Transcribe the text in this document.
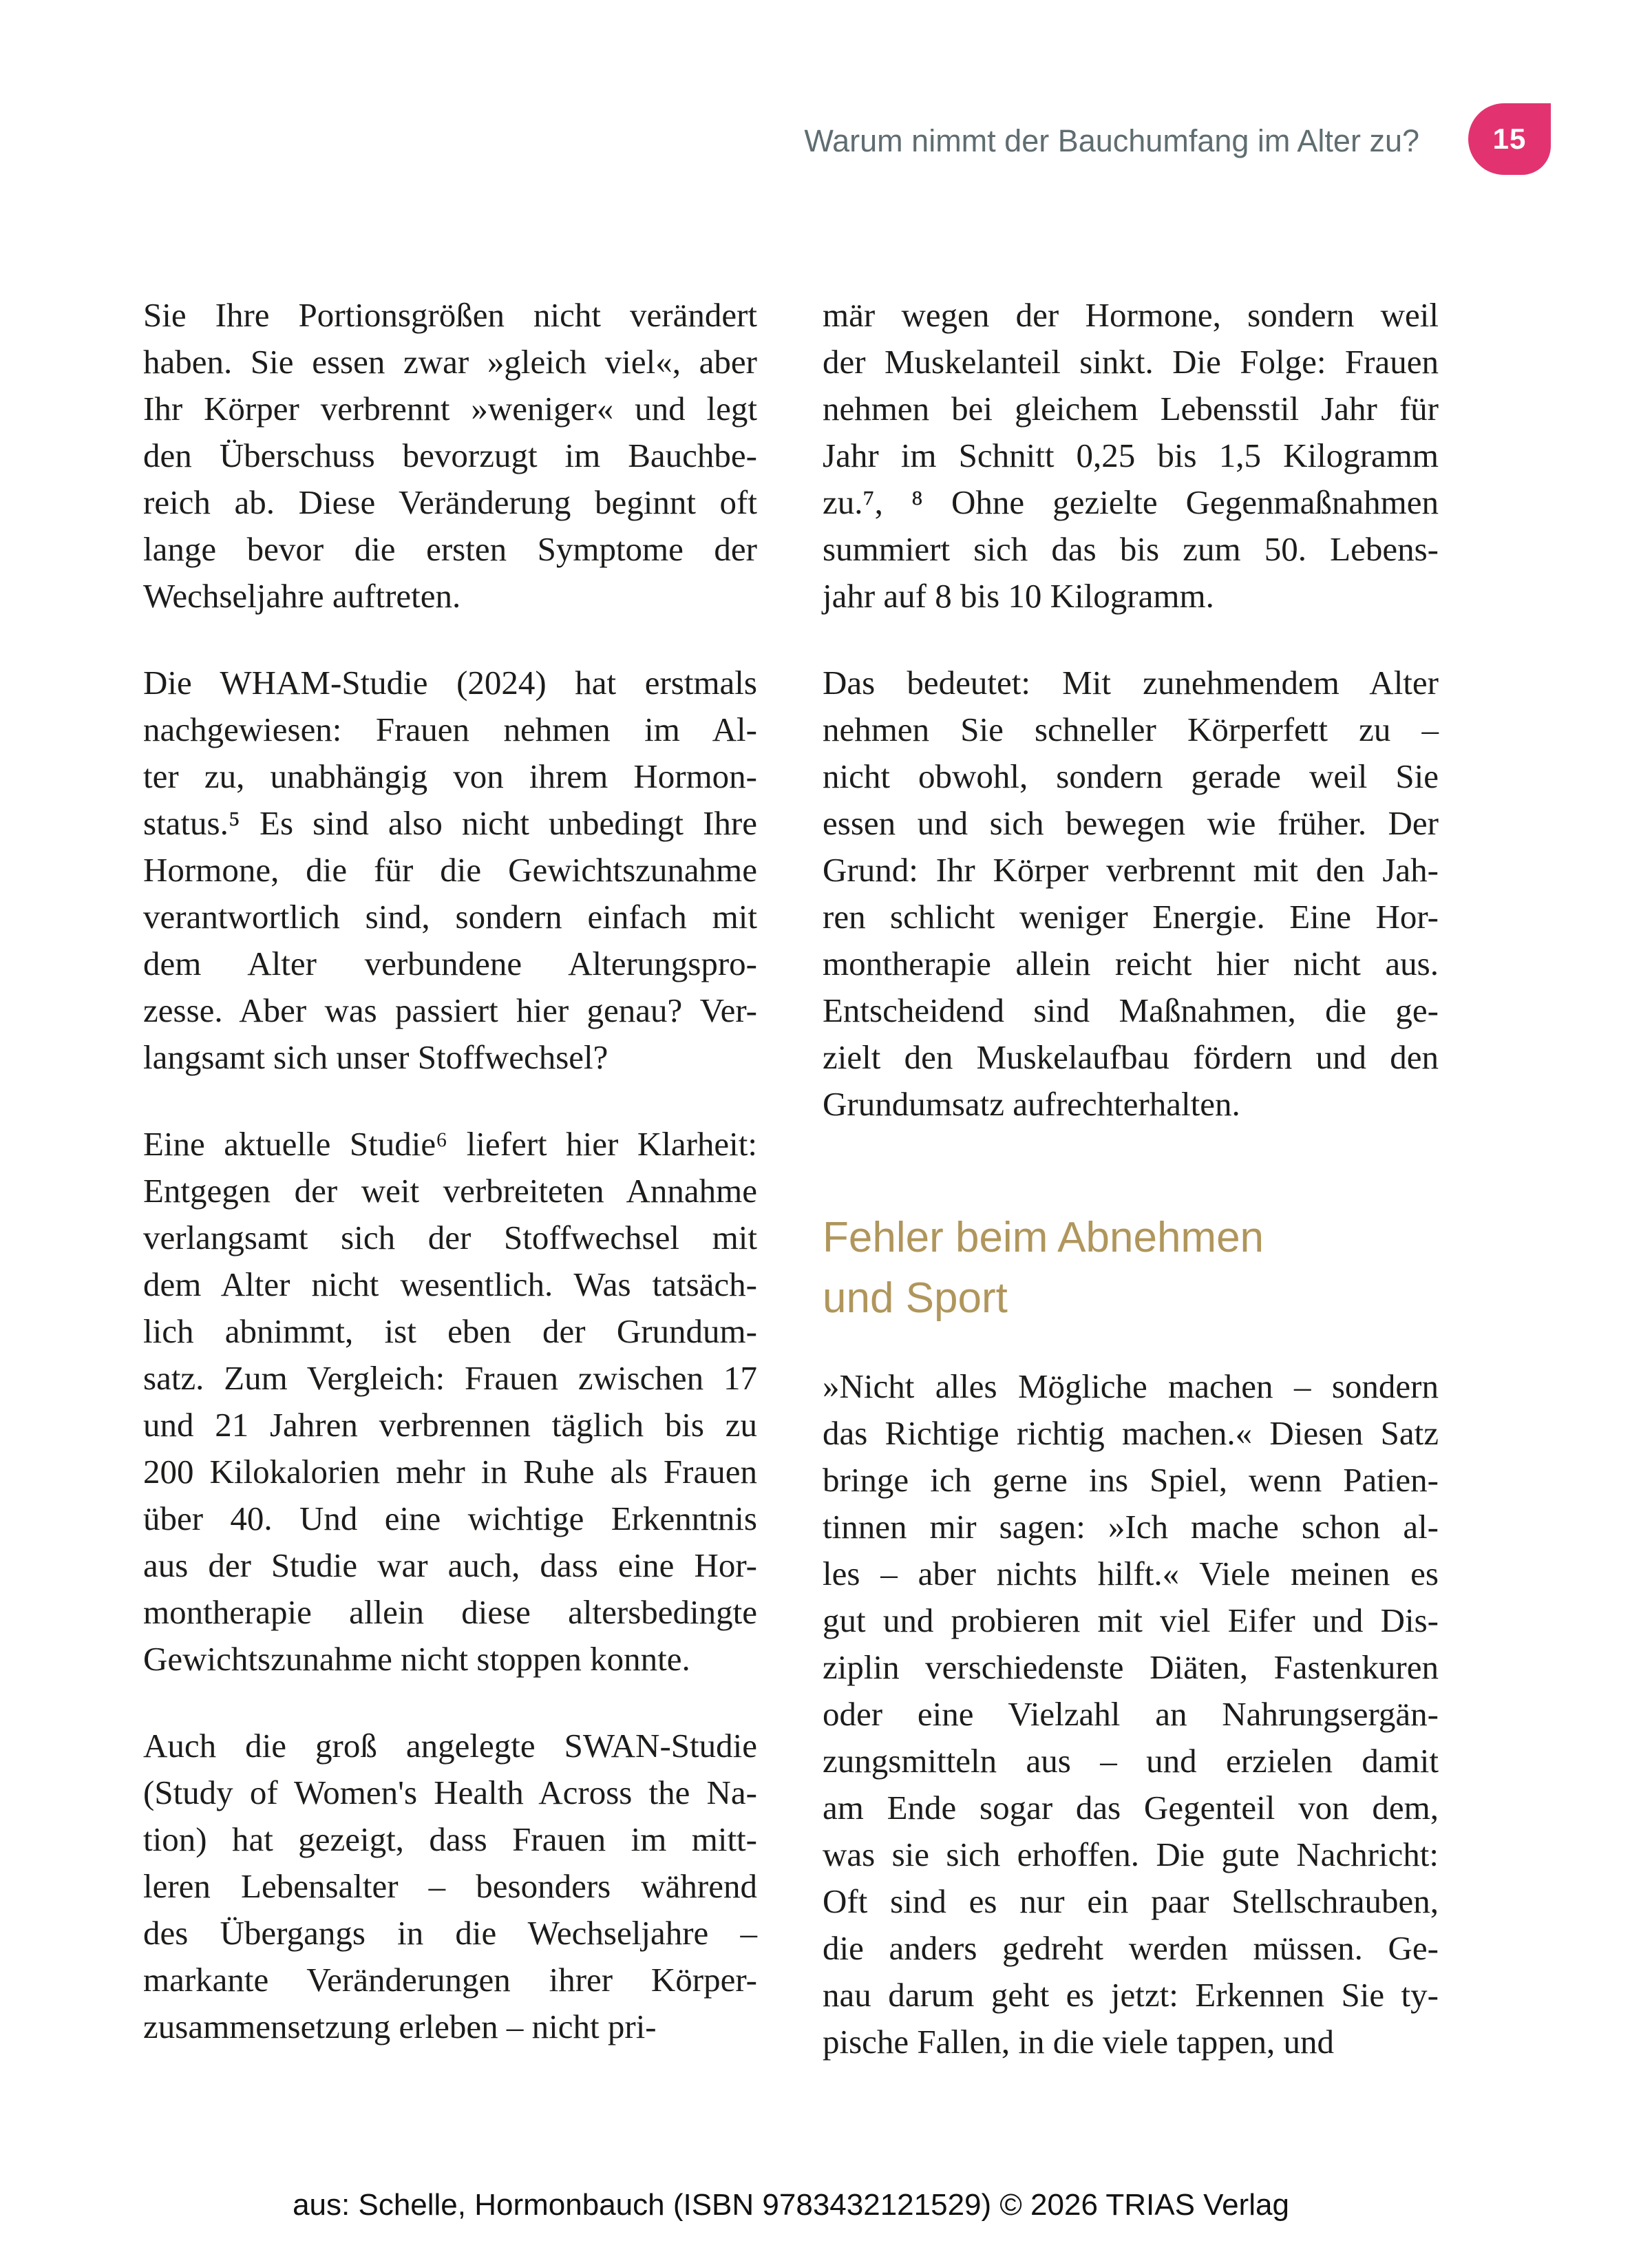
Warum nimmt der Bauchumfang im Alter zu?	15
Sie Ihre Portionsgrößen nicht verändert
haben. Sie essen zwar »gleich viel«, aber
Ihr Körper verbrennt »weniger« und legt
den Überschuss bevorzugt im Bauchbe-
reich ab. Diese Veränderung beginnt oft
lange bevor die ersten Symptome der
Wechseljahre auftreten.
Die WHAM-Studie (2024) hat erstmals
nachgewiesen: Frauen nehmen im Al-
ter zu, unabhängig von ihrem Hormon-
status.⁵ Es sind also nicht unbedingt Ihre
Hormone, die für die Gewichtszunahme
verantwortlich sind, sondern einfach mit
dem Alter verbundene Alterungspro-
zesse. Aber was passiert hier genau? Ver-
langsamt sich unser Stoffwechsel?
Eine aktuelle Studie⁶ liefert hier Klarheit:
Entgegen der weit verbreiteten Annahme
verlangsamt sich der Stoffwechsel mit
dem Alter nicht wesentlich. Was tatsäch-
lich abnimmt, ist eben der Grundum-
satz. Zum Vergleich: Frauen zwischen 17
und 21 Jahren verbrennen täglich bis zu
200 Kilokalorien mehr in Ruhe als Frauen
über 40. Und eine wichtige Erkenntnis
aus der Studie war auch, dass eine Hor-
montherapie allein diese altersbedingte
Gewichtszunahme nicht stoppen konnte.
Auch die groß angelegte SWAN-Studie
(Study of Women's Health Across the Na-
tion) hat gezeigt, dass Frauen im mitt-
leren Lebensalter – besonders während
des Übergangs in die Wechseljahre –
markante Veränderungen ihrer Körper-
zusammensetzung erleben – nicht pri-
mär wegen der Hormone, sondern weil
der Muskelanteil sinkt. Die Folge: Frauen
nehmen bei gleichem Lebensstil Jahr für
Jahr im Schnitt 0,25 bis 1,5 Kilogramm
zu.⁷, ⁸ Ohne gezielte Gegenmaßnahmen
summiert sich das bis zum 50. Lebens-
jahr auf 8 bis 10 Kilogramm.
Das bedeutet: Mit zunehmendem Alter
nehmen Sie schneller Körperfett zu –
nicht obwohl, sondern gerade weil Sie
essen und sich bewegen wie früher. Der
Grund: Ihr Körper verbrennt mit den Jah-
ren schlicht weniger Energie. Eine Hor-
montherapie allein reicht hier nicht aus.
Entscheidend sind Maßnahmen, die ge-
zielt den Muskelaufbau fördern und den
Grundumsatz aufrechterhalten.
Fehler beim Abnehmen
und Sport
»Nicht alles Mögliche machen – sondern
das Richtige richtig machen.« Diesen Satz
bringe ich gerne ins Spiel, wenn Patien-
tinnen mir sagen: »Ich mache schon al-
les – aber nichts hilft.« Viele meinen es
gut und probieren mit viel Eifer und Dis-
ziplin verschiedenste Diäten, Fastenkuren
oder eine Vielzahl an Nahrungsergän-
zungsmitteln aus – und erzielen damit
am Ende sogar das Gegenteil von dem,
was sie sich erhoffen. Die gute Nachricht:
Oft sind es nur ein paar Stellschrauben,
die anders gedreht werden müssen. Ge-
nau darum geht es jetzt: Erkennen Sie ty-
pische Fallen, in die viele tappen, und
aus: Schelle, Hormonbauch (ISBN 9783432121529) © 2026 TRIAS Verlag
